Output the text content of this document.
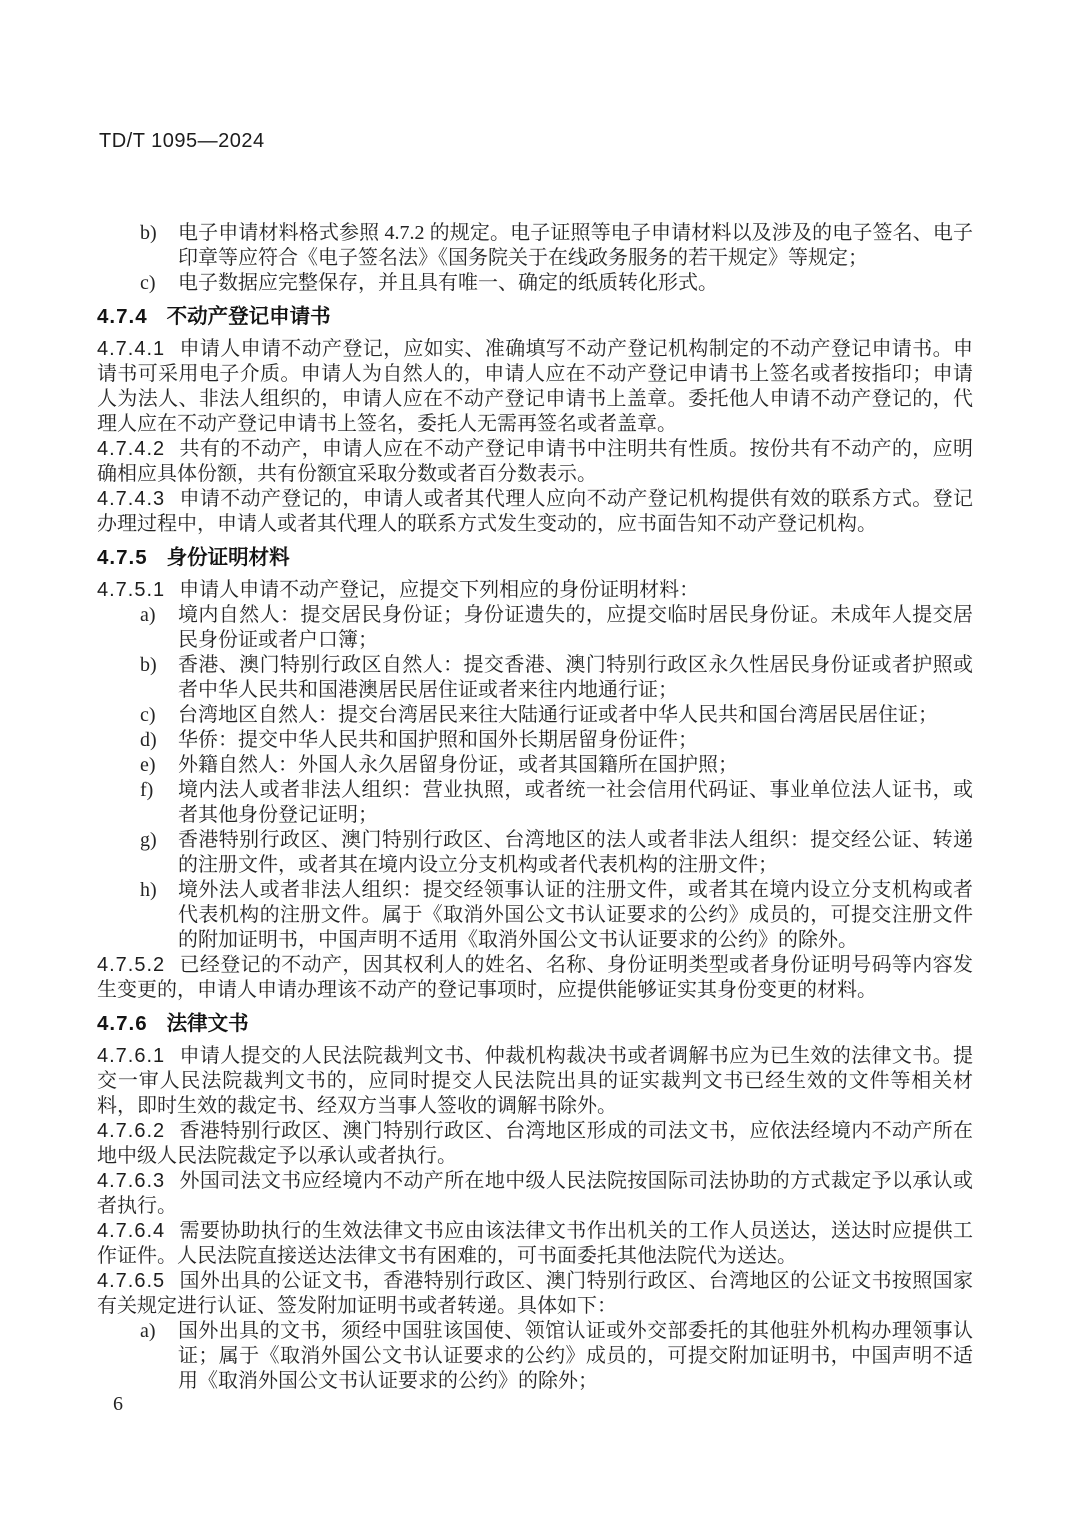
TD/T 1095—2024
b)	电子申请材料格式参照 4.7.2 的规定。电子证照等电子申请材料以及涉及的电子签名、电子印章等应符合《电子签名法》《国务院关于在线政务服务的若干规定》等规定；
c)	电子数据应完整保存，并且具有唯一、确定的纸质转化形式。
4.7.4 不动产登记申请书

4.7.4.1 申请人申请不动产登记，应如实、准确填写不动产登记机构制定的不动产登记申请书。申请书可采用电子介质。申请人为自然人的，申请人应在不动产登记申请书上签名或者按指印；申请人为法人、非法人组织的，申请人应在不动产登记申请书上盖章。委托他人申请不动产登记的，代理人应在不动产登记申请书上签名，委托人无需再签名或者盖章。

4.7.4.2 共有的不动产，申请人应在不动产登记申请书中注明共有性质。按份共有不动产的，应明确相应具体份额，共有份额宜采取分数或者百分数表示。

4.7.4.3 申请不动产登记的，申请人或者其代理人应向不动产登记机构提供有效的联系方式。登记办理过程中，申请人或者其代理人的联系方式发生变动的，应书面告知不动产登记机构。

4.7.5 身份证明材料

4.7.5.1 申请人申请不动产登记，应提交下列相应的身份证明材料：

a)	境内自然人：提交居民身份证；身份证遗失的，应提交临时居民身份证。未成年人提交居民身份证或者户口簿；
b)	香港、澳门特别行政区自然人：提交香港、澳门特别行政区永久性居民身份证或者护照或者中华人民共和国港澳居民居住证或者来往内地通行证；
c)	台湾地区自然人：提交台湾居民来往大陆通行证或者中华人民共和国台湾居民居住证；
d)	华侨：提交中华人民共和国护照和国外长期居留身份证件；
e)	外籍自然人：外国人永久居留身份证，或者其国籍所在国护照；
f)	境内法人或者非法人组织：营业执照，或者统一社会信用代码证、事业单位法人证书，或者其他身份登记证明；
g)	香港特别行政区、澳门特别行政区、台湾地区的法人或者非法人组织：提交经公证、转递的注册文件，或者其在境内设立分支机构或者代表机构的注册文件；
h)	境外法人或者非法人组织：提交经领事认证的注册文件，或者其在境内设立分支机构或者代表机构的注册文件。属于《取消外国公文书认证要求的公约》成员的，可提交注册文件的附加证明书，中国声明不适用《取消外国公文书认证要求的公约》的除外。

4.7.5.2 已经登记的不动产，因其权利人的姓名、名称、身份证明类型或者身份证明号码等内容发生变更的，申请人申请办理该不动产的登记事项时，应提供能够证实其身份变更的材料。

4.7.6 法律文书

4.7.6.1 申请人提交的人民法院裁判文书、仲裁机构裁决书或者调解书应为已生效的法律文书。提交一审人民法院裁判文书的，应同时提交人民法院出具的证实裁判文书已经生效的文件等相关材料，即时生效的裁定书、经双方当事人签收的调解书除外。

4.7.6.2 香港特别行政区、澳门特别行政区、台湾地区形成的司法文书，应依法经境内不动产所在地中级人民法院裁定予以承认或者执行。

4.7.6.3 外国司法文书应经境内不动产所在地中级人民法院按国际司法协助的方式裁定予以承认或者执行。

4.7.6.4 需要协助执行的生效法律文书应由该法律文书作出机关的工作人员送达，送达时应提供工作证件。人民法院直接送达法律文书有困难的，可书面委托其他法院代为送达。

4.7.6.5 国外出具的公证文书，香港特别行政区、澳门特别行政区、台湾地区的公证文书按照国家有关规定进行认证、签发附加证明书或者转递。具体如下：

a)	国外出具的文书，须经中国驻该国使、领馆认证或外交部委托的其他驻外机构办理领事认证；属于《取消外国公文书认证要求的公约》成员的，可提交附加证明书，中国声明不适用《取消外国公文书认证要求的公约》的除外；
6
